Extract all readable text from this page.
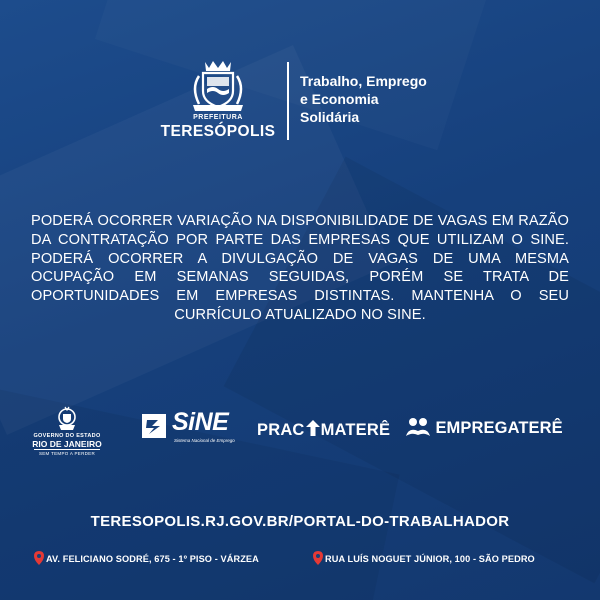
PREFEITURA
TERESÓPOLIS
Trabalho, Emprego
e Economia
Solidária
PODERÁ OCORRER VARIAÇÃO NA DISPONIBILIDADE DE VAGAS EM RAZÃO DA CONTRATAÇÃO POR PARTE DAS EMPRESAS QUE UTILIZAM O SINE. PODERÁ OCORRER A DIVULGAÇÃO DE VAGAS DE UMA MESMA OCUPAÇÃO EM SEMANAS SEGUIDAS, PORÉM SE TRATA DE OPORTUNIDADES EM EMPRESAS DISTINTAS. MANTENHA O SEU CURRÍCULO ATUALIZADO NO SINE.
GOVERNO DO ESTADO
RIO DE JANEIRO
SEM TEMPO A PERDER
SiNE
Sistema Nacional de Emprego
PRAC MATERÊ	EMPREGATERÊ
TERESOPOLIS.RJ.GOV.BR/PORTAL-DO-TRABALHADOR
AV. FELICIANO SODRÉ, 675 - 1º PISO - VÁRZEA	RUA LUÍS NOGUET JÚNIOR, 100 - SÃO PEDRO
